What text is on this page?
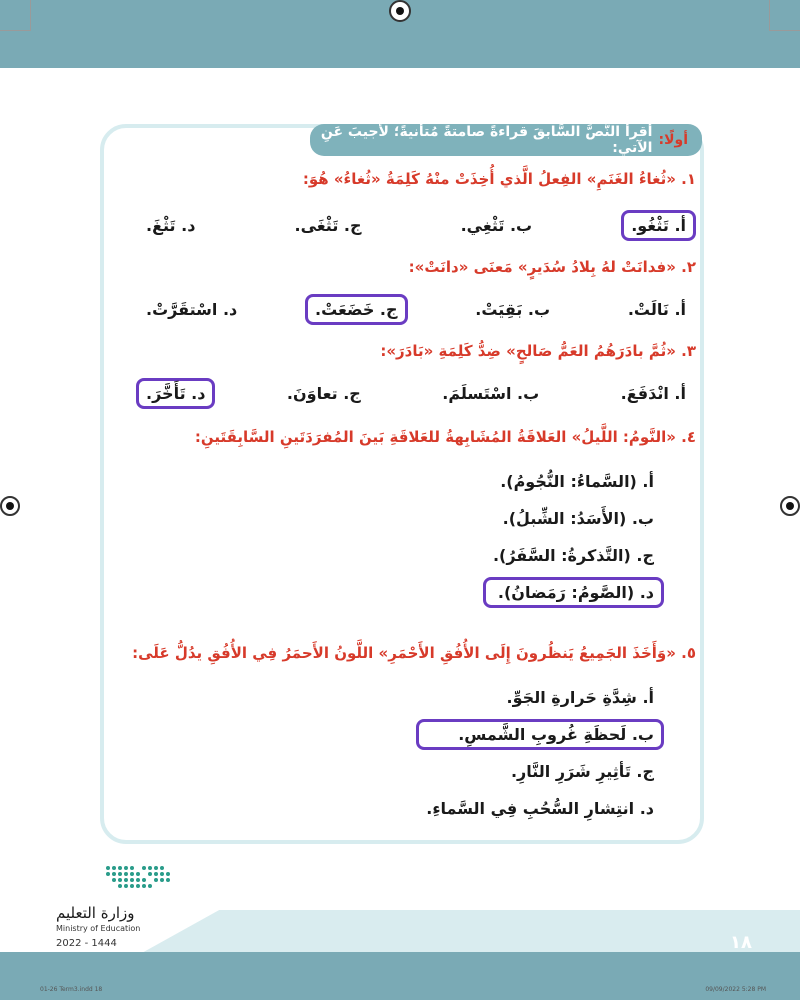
أولًا:
أقرأُ النَّصَّ السَّابقَ قراءةً صامتةً مُتأنيةً؛ لأُجيبَ عَنِ الآتي:
١. «ثُغاءُ الغَنَمِ» الفِعلُ الَّذي أُخِذَتْ منْهُ كَلِمَةُ «ثُغاءُ» هُوَ:
أ. تَثْغُو.
ب. تَثْغِي.
ج. تَثْغَى.
د. تَثْغَ.
٢. «فدانَتْ لهُ بِلادُ سُدَيرٍ» مَعنَى «دانَتْ»:
أ. نَالَتْ.
ب. بَقِيَتْ.
ج. خَضَعَتْ.
د. اسْتقَرَّتْ.
٣. «ثُمَّ بادَرَهُمُ العَمُّ صَالحٍ» ضِدُّ كَلِمَةِ «بَادَرَ»:
أ. انْدَفَعَ.
ب. اسْتَسلَمَ.
ج. تعاوَنَ.
د. تَأَخَّرَ.
٤. «النَّومُ: اللَّيلُ» العَلاقَةُ المُشَابِهةُ للعَلاقَةِ بَينَ المُفرَدَتَينِ السَّابِقَتَينِ:
أ. (السَّماءُ: النُّجُومُ).
ب. (الأَسَدُ: الشِّبلُ).
ج. (التَّذكرةُ: السَّفَرُ).
د. (الصَّومُ: رَمَضانُ).
٥. «وَأَخَذَ الجَمِيعُ يَنظُرونَ إِلَى الأُفُقِ الأَحْمَرِ» اللَّونُ الأَحمَرُ فِي الأُفُقِ يدُلُّ عَلَى:
أ. شِدَّةِ حَرارةِ الجَوِّ.
ب. لَحظَةِ غُروبِ الشَّمسِ.
ج. تَأثِيرِ شَرَرِ النَّارِ.
د. انتِشارِ السُّحُبِ فِي السَّماءِ.
١٨
وزارة التعليم
Ministry of Education
2022 - 1444
01-26 Term3.indd 18	09/09/2022 5:28 PM
